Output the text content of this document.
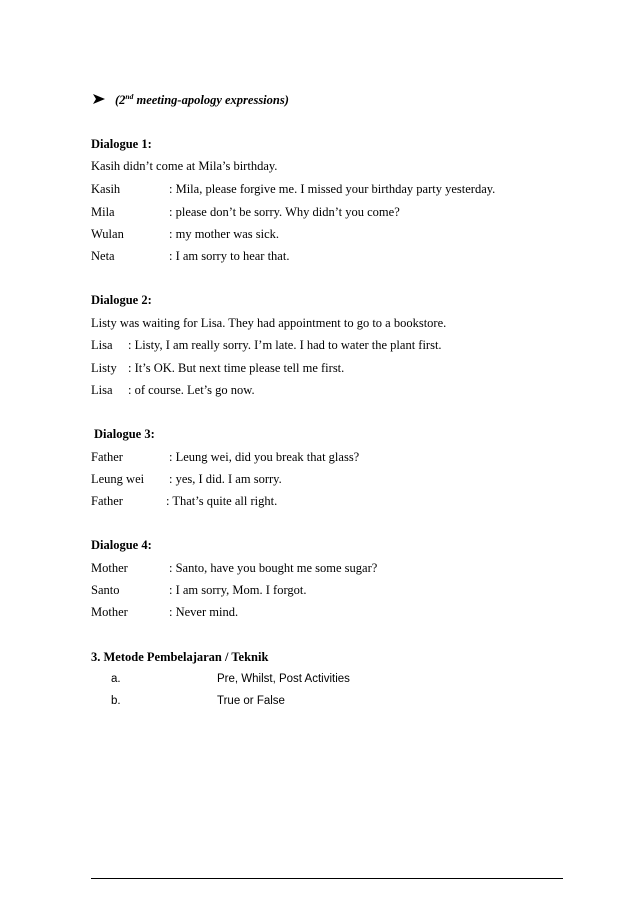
(2nd meeting-apology expressions)
Dialogue 1:
Kasih didn’t come at Mila’s birthday.
Kasih	: Mila, please forgive me. I missed your birthday party yesterday.
Mila	: please don’t be sorry. Why didn’t you come?
Wulan	: my mother was sick.
Neta	: I am sorry to hear that.
Dialogue 2:
Listy was waiting for Lisa. They had appointment to go to a bookstore.
Lisa : Listy, I am really sorry. I’m late. I had to water the plant first.
Listy : It’s OK. But next time please tell me first.
Lisa : of course. Let’s go now.
Dialogue 3:
Father	: Leung wei, did you break that glass?
Leung wei : yes, I did. I am sorry.
Father	: That’s quite all right.
Dialogue 4:
Mother	: Santo, have you bought me some sugar?
Santo	: I am sorry, Mom. I forgot.
Mother	: Never mind.
3. Metode Pembelajaran / Teknik
a.	Pre, Whilst, Post Activities
b.	True or False
